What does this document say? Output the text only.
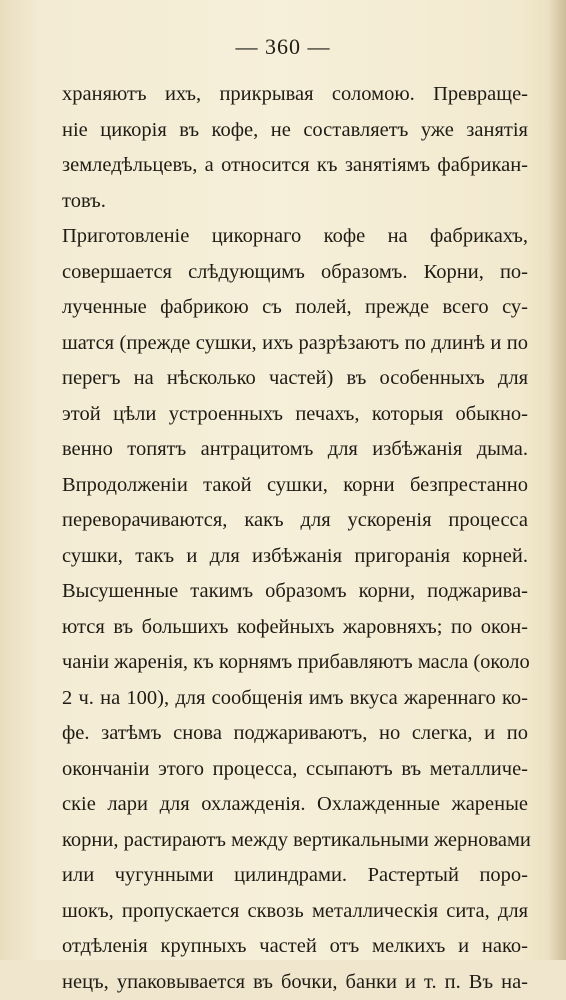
— 360 —
храняютъ ихъ, прикрывая соломою. Превраще-
ніе цикорія въ кофе, не составляетъ уже занятія
земледѣльцевъ, а относится къ занятіямъ фабрикан-
товъ.
Приготовленіе цикорнаго кофе на фабрикахъ,
совершается слѣдующимъ образомъ. Корни, по-
лученные фабрикою съ полей, прежде всего су-
шатся (прежде сушки, ихъ разрѣзаютъ по длинѣ и по
перегъ на нѣсколько частей) въ особенныхъ для
этой цѣли устроенныхъ печахъ, которыя обыкно-
венно топятъ антрацитомъ для избѣжанія дыма.
Впродолженіи такой сушки, корни безпрестанно
переворачиваются, какъ для ускоренія процесса
сушки, такъ и для избѣжанія пригоранія корней.
Высушенные такимъ образомъ корни, поджарива-
ются въ большихъ кофейныхъ жаровняхъ; по окон-
чаніи жаренія, къ корнямъ прибавляютъ масла (около
2 ч. на 100), для сообщенія имъ вкуса жареннаго ко-
фе. затѣмъ снова поджариваютъ, но слегка, и по
окончаніи этого процесса, ссыпаютъ въ металличе-
скіе лари для охлажденія. Охлажденные жареные
корни, растираютъ между вертикальными жерновами
или чугунными цилиндрами. Растертый поро-
шокъ, пропускается сквозь металлическія сита, для
отдѣленія крупныхъ частей отъ мелкихъ и нако-
нецъ, упаковывается въ бочки, банки и т. п. Въ на-
